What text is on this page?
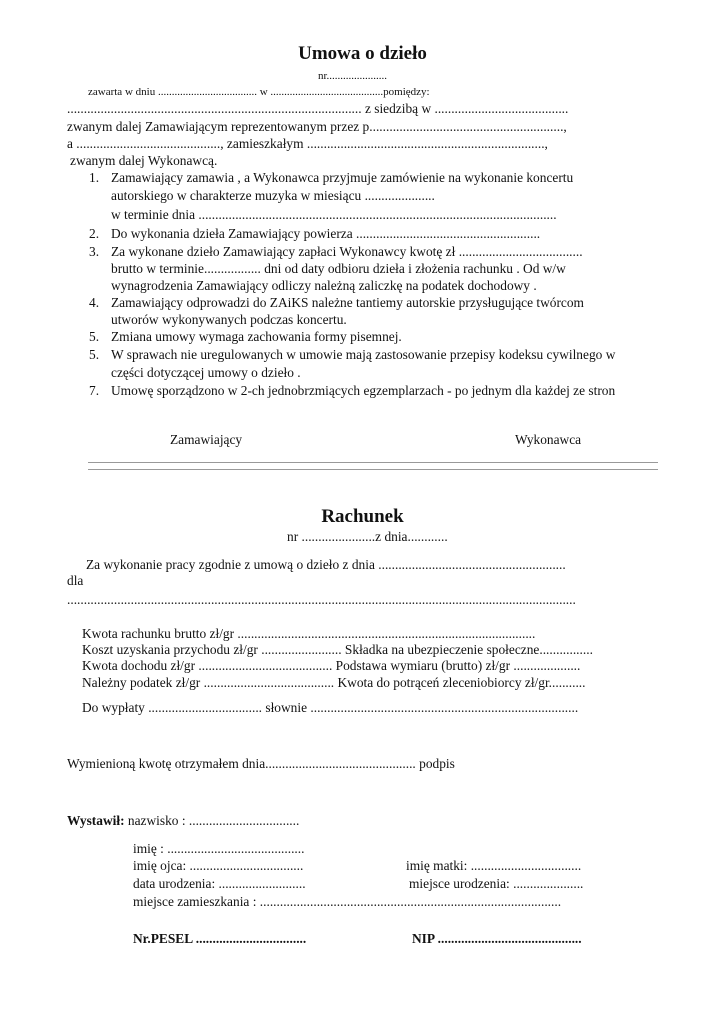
Umowa o dzieło
nr......................
zawarta w dniu .................................... w .........................................pomiędzy:
........................................................................................ z siedzibą w ........................................
zwanym dalej Zamawiającym reprezentowanym przez p..........................................................,
a ..........................................., zamieszkałym .......................................................................,
zwanym dalej Wykonawcą.
1. Zamawiający zamawia , a Wykonawca przyjmuje zamówienie na wykonanie koncertu
autorskiego w charakterze muzyka w miesiącu .....................
w terminie dnia ...........................................................................................................
2. Do wykonania dzieła Zamawiający powierza .......................................................
3. Za wykonane dzieło Zamawiający zapłaci Wykonawcy kwotę zł .....................................
brutto w terminie................. dni od daty odbioru dzieła i złożenia rachunku . Od w/w
wynagrodzenia Zamawiający odliczy należną zaliczkę na podatek dochodowy .
4. Zamawiający odprowadzi do ZAiKS należne tantiemy autorskie przysługujące twórcom
utworów wykonywanych podczas koncertu.
5. Zmiana umowy wymaga zachowania formy pisemnej.
5. W sprawach nie uregulowanych w umowie mają zastosowanie przepisy kodeksu cywilnego w
części dotyczącej umowy o dzieło .
7. Umowę sporządzono w 2-ch jednobrzmiących egzemplarzach - po jednym dla każdej ze stron
Zamawiający	Wykonawca
Rachunek
nr ......................z dnia............
Za wykonanie pracy zgodnie z umową o dzieło z dnia ........................................................
dla
........................................................................................................................................................
Kwota rachunku brutto zł/gr .........................................................................................
Koszt uzyskania przychodu zł/gr ........................ Składka na ubezpieczenie społeczne................
Kwota dochodu zł/gr ........................................ Podstawa wymiaru (brutto) zł/gr ....................
Należny podatek zł/gr ....................................... Kwota do potrąceń zleceniobiorcy zł/gr...........
Do wypłaty .................................. słownie ................................................................................
Wymienioną kwotę otrzymałem dnia............................................. podpis
Wystawił: nazwisko : .................................
imię : .........................................
imię ojca: ..................................	imię matki: .................................
data urodzenia: ..........................	miejsce urodzenia: .....................
miejsce zamieszkania : ..........................................................................................
Nr.PESEL .................................	NIP ...........................................
